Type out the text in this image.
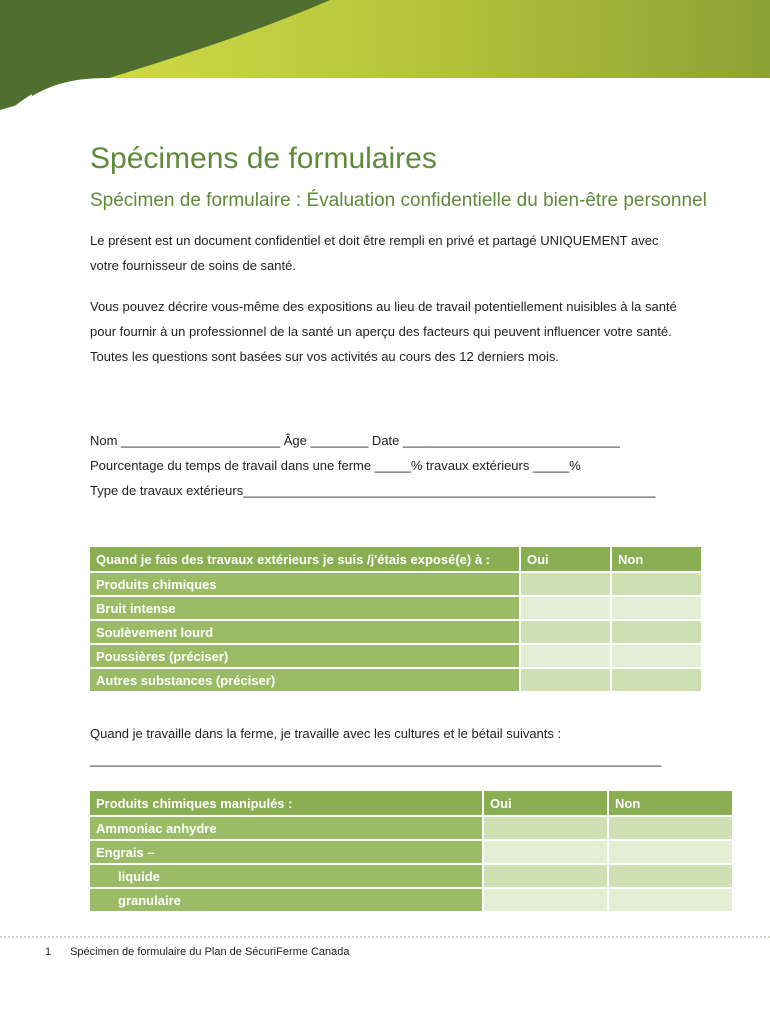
Spécimens de formulaires
Spécimen de formulaire : Évaluation confidentielle du bien-être personnel

Le présent est un document confidentiel et doit être rempli en privé et partagé UNIQUEMENT avec votre fournisseur de soins de santé.

Vous pouvez décrire vous-même des expositions au lieu de travail potentiellement nuisibles à la santé pour fournir à un professionnel de la santé un aperçu des facteurs qui peuvent influencer votre santé. Toutes les questions sont basées sur vos activités au cours des 12 derniers mois.

Nom ______________________ Âge ________ Date ______________________________
Pourcentage du temps de travail dans une ferme _____% travaux extérieurs _____%
Type de travaux extérieurs_________________________________________________________
Quand je fais des travaux extérieurs je suis /j'étais exposé(e) à :	Oui	Non
Produits chimiques		
Bruit intense		
Soulèvement lourd		
Poussières (préciser)		
Autres substances (préciser)		
Quand je travaille dans la ferme, je travaille avec les cultures et le bétail suivants :
_______________________________________________________________________________
Produits chimiques manipulés :	Oui	Non
Ammoniac anhydre		
Engrais –		
liquide		
granulaire		
1 Spécimen de formulaire du Plan de SécuriFerme Canada
